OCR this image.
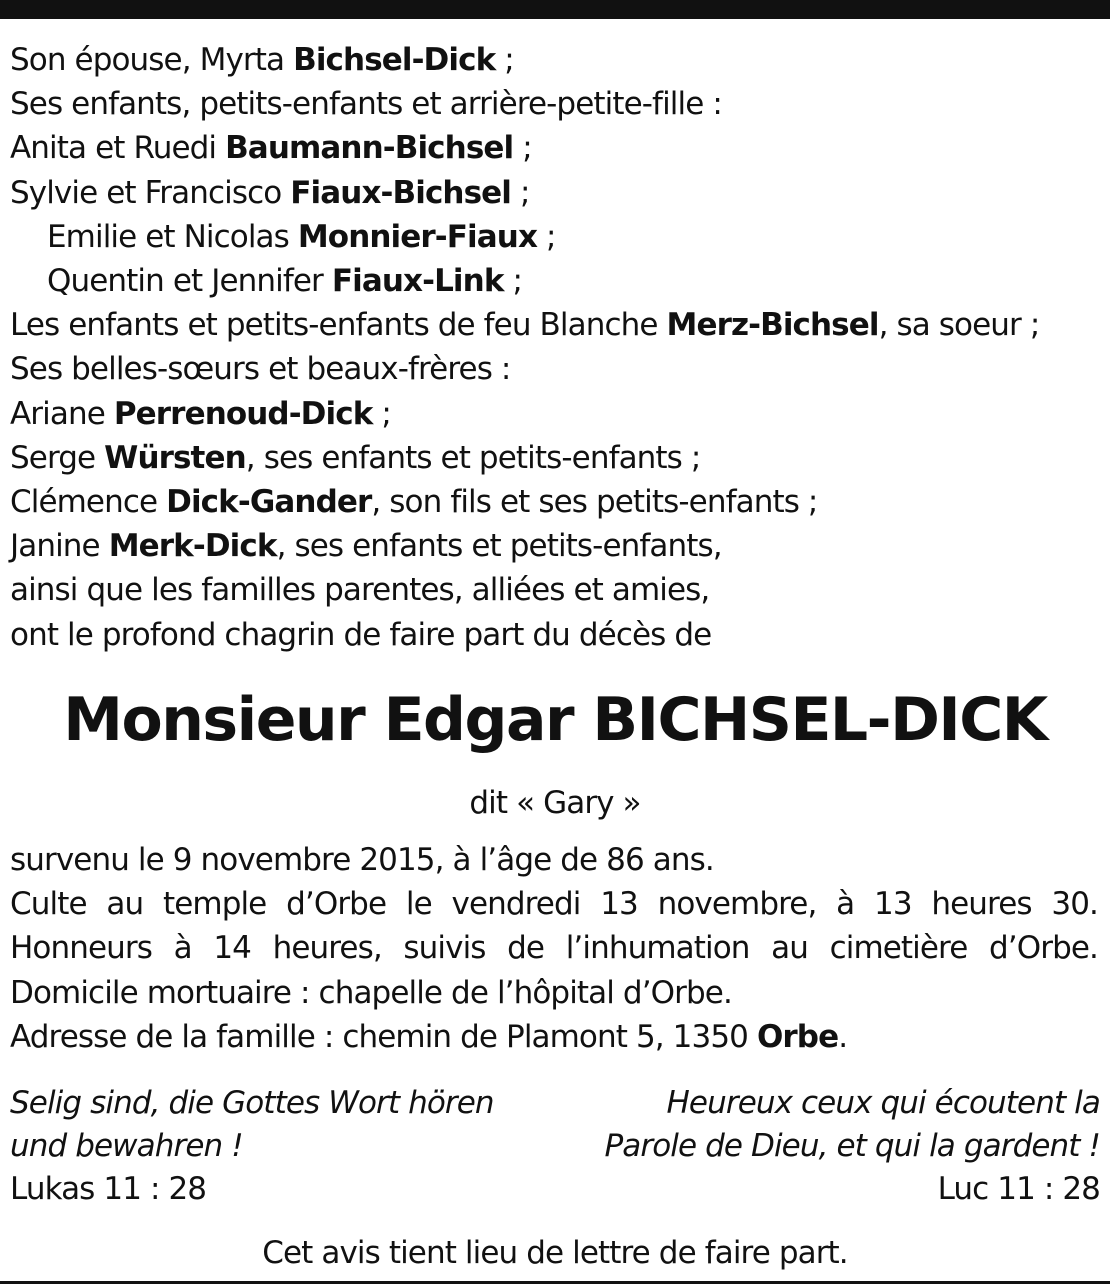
Son épouse, Myrta Bichsel-Dick ;
Ses enfants, petits-enfants et arrière-petite-fille :
Anita et Ruedi Baumann-Bichsel ;
Sylvie et Francisco Fiaux-Bichsel ;
Emilie et Nicolas Monnier-Fiaux ;
Quentin et Jennifer Fiaux-Link ;
Les enfants et petits-enfants de feu Blanche Merz-Bichsel, sa soeur ;
Ses belles-sœurs et beaux-frères :
Ariane Perrenoud-Dick ;
Serge Würsten, ses enfants et petits-enfants ;
Clémence Dick-Gander, son fils et ses petits-enfants ;
Janine Merk-Dick, ses enfants et petits-enfants,
ainsi que les familles parentes, alliées et amies,
ont le profond chagrin de faire part du décès de
Monsieur Edgar BICHSEL-DICK
dit « Gary »
survenu le 9 novembre 2015, à l’âge de 86 ans.
Culte au temple d’Orbe le vendredi 13 novembre, à 13 heures 30.
Honneurs à 14 heures, suivis de l’inhumation au cimetière d’Orbe.
Domicile mortuaire : chapelle de l’hôpital d’Orbe.
Adresse de la famille : chemin de Plamont 5, 1350 Orbe.
Selig sind, die Gottes Wort hören
und bewahren !
Lukas 11 : 28
Heureux ceux qui écoutent la
Parole de Dieu, et qui la gardent !
Luc 11 : 28
Cet avis tient lieu de lettre de faire part.
